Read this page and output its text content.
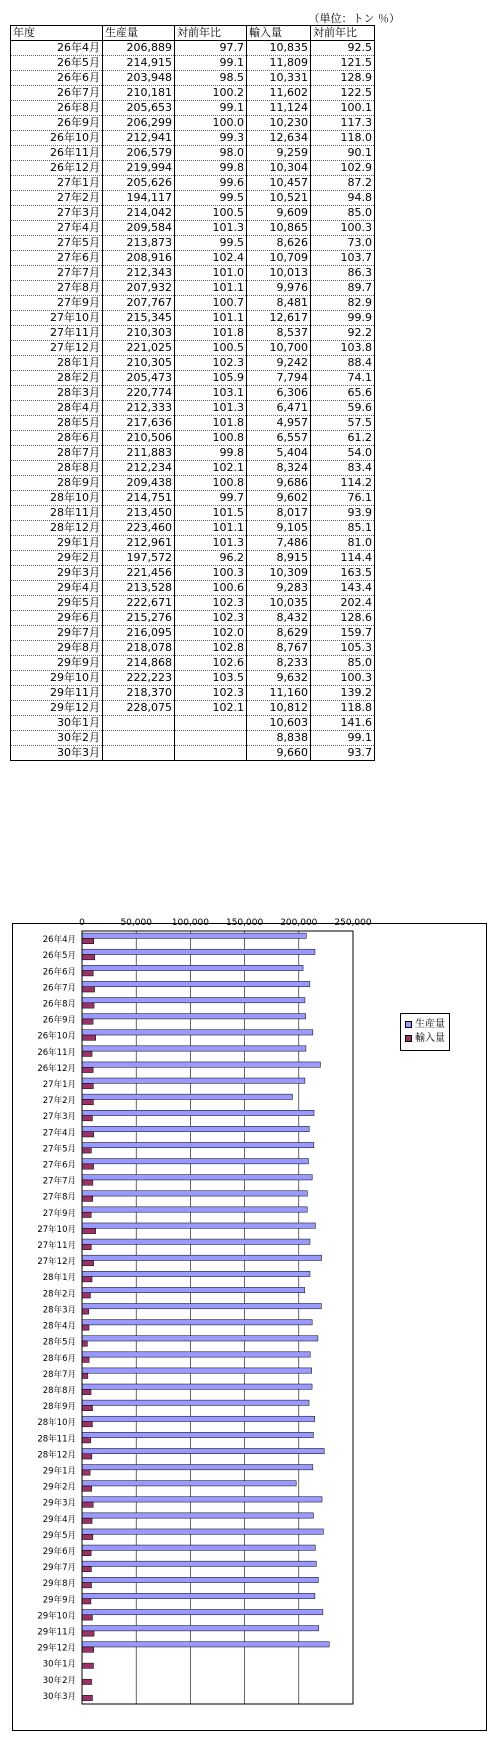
（単位：トン ％）
年度	生産量	対前年比	輸入量	対前年比
26年4月	206,889	97.7	10,835	92.5
26年5月	214,915	99.1	11,809	121.5
26年6月	203,948	98.5	10,331	128.9
26年7月	210,181	100.2	11,602	122.5
26年8月	205,653	99.1	11,124	100.1
26年9月	206,299	100.0	10,230	117.3
26年10月	212,941	99.3	12,634	118.0
26年11月	206,579	98.0	9,259	90.1
26年12月	219,994	99.8	10,304	102.9
27年1月	205,626	99.6	10,457	87.2
27年2月	194,117	99.5	10,521	94.8
27年3月	214,042	100.5	9,609	85.0
27年4月	209,584	101.3	10,865	100.3
27年5月	213,873	99.5	8,626	73.0
27年6月	208,916	102.4	10,709	103.7
27年7月	212,343	101.0	10,013	86.3
27年8月	207,932	101.1	9,976	89.7
27年9月	207,767	100.7	8,481	82.9
27年10月	215,345	101.1	12,617	99.9
27年11月	210,303	101.8	8,537	92.2
27年12月	221,025	100.5	10,700	103.8
28年1月	210,305	102.3	9,242	88.4
28年2月	205,473	105.9	7,794	74.1
28年3月	220,774	103.1	6,306	65.6
28年4月	212,333	101.3	6,471	59.6
28年5月	217,636	101.8	4,957	57.5
28年6月	210,506	100.8	6,557	61.2
28年7月	211,883	99.8	5,404	54.0
28年8月	212,234	102.1	8,324	83.4
28年9月	209,438	100.8	9,686	114.2
28年10月	214,751	99.7	9,602	76.1
28年11月	213,450	101.5	8,017	93.9
28年12月	223,460	101.1	9,105	85.1
29年1月	212,961	101.3	7,486	81.0
29年2月	197,572	96.2	8,915	114.4
29年3月	221,456	100.3	10,309	163.5
29年4月	213,528	100.6	9,283	143.4
29年5月	222,671	102.3	10,035	202.4
29年6月	215,276	102.3	8,432	128.6
29年7月	216,095	102.0	8,629	159.7
29年8月	218,078	102.8	8,767	105.3
29年9月	214,868	102.6	8,233	85.0
29年10月	222,223	103.5	9,632	100.3
29年11月	218,370	102.3	11,160	139.2
29年12月	228,075	102.1	10,812	118.8
30年1月			10,603	141.6
30年2月			8,838	99.1
30年3月			9,660	93.7
0	50,000 100,000 150,000 200,000 250,000
26年4月
26年5月
26年6月
26年7月
26年8月
26年9月
26年10月
26年11月
26年12月
27年1月
27年2月
27年3月
27年4月
27年5月
27年6月
27年7月
27年8月
27年9月
27年10月
27年11月
27年12月
28年1月
28年2月
28年3月
28年4月
28年5月
28年6月
28年7月
28年8月
28年9月
28年10月
28年11月
28年12月
29年1月
29年2月
29年3月
29年4月
29年5月
29年6月
29年7月
29年8月
29年9月
29年10月
29年11月
29年12月
30年1月
30年2月
30年3月
生産量
輸入量
